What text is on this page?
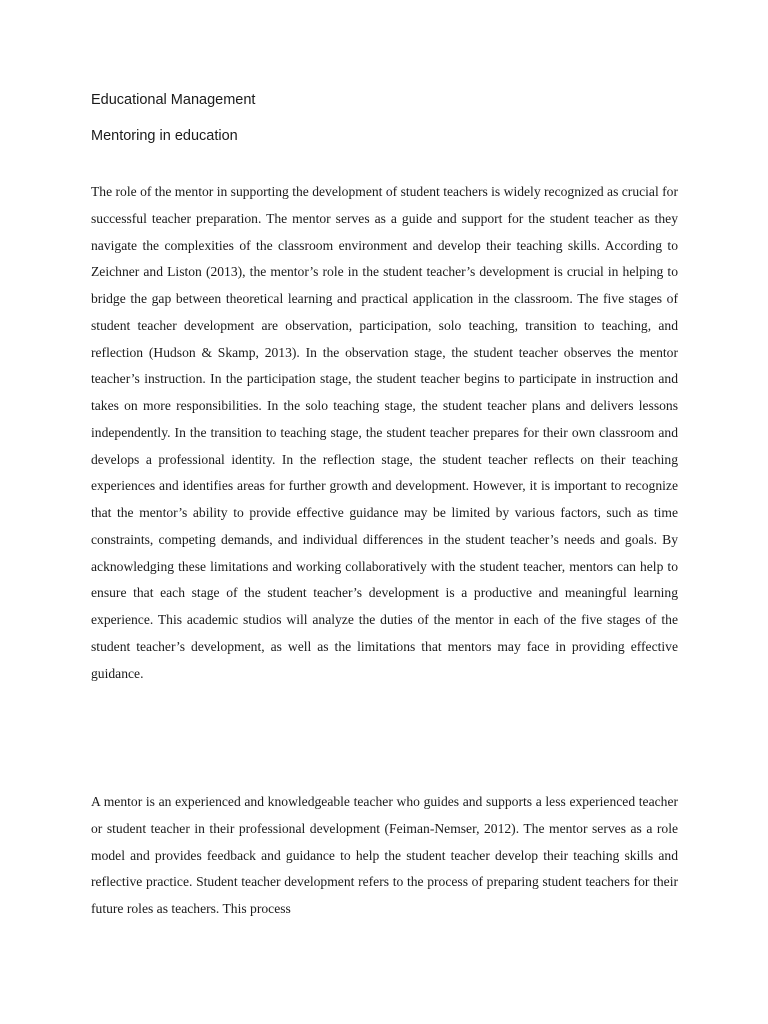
Educational Management
Mentoring in education

The role of the mentor in supporting the development of student teachers is widely recognized as crucial for successful teacher preparation. The mentor serves as a guide and support for the student teacher as they navigate the complexities of the classroom environment and develop their teaching skills. According to Zeichner and Liston (2013), the mentor’s role in the student teacher’s development is crucial in helping to bridge the gap between theoretical learning and practical application in the classroom. The five stages of student teacher development are observation, participation, solo teaching, transition to teaching, and reflection (Hudson & Skamp, 2013). In the observation stage, the student teacher observes the mentor teacher’s instruction. In the participation stage, the student teacher begins to participate in instruction and takes on more responsibilities. In the solo teaching stage, the student teacher plans and delivers lessons independently. In the transition to teaching stage, the student teacher prepares for their own classroom and develops a professional identity. In the reflection stage, the student teacher reflects on their teaching experiences and identifies areas for further growth and development. However, it is important to recognize that the mentor’s ability to provide effective guidance may be limited by various factors, such as time constraints, competing demands, and individual differences in the student teacher’s needs and goals. By acknowledging these limitations and working collaboratively with the student teacher, mentors can help to ensure that each stage of the student teacher’s development is a productive and meaningful learning experience. This academic studios will analyze the duties of the mentor in each of the five stages of the student teacher’s development, as well as the limitations that mentors may face in providing effective guidance.

A mentor is an experienced and knowledgeable teacher who guides and supports a less experienced teacher or student teacher in their professional development (Feiman-Nemser, 2012). The mentor serves as a role model and provides feedback and guidance to help the student teacher develop their teaching skills and reflective practice. Student teacher development refers to the process of preparing student teachers for their future roles as teachers. This process
